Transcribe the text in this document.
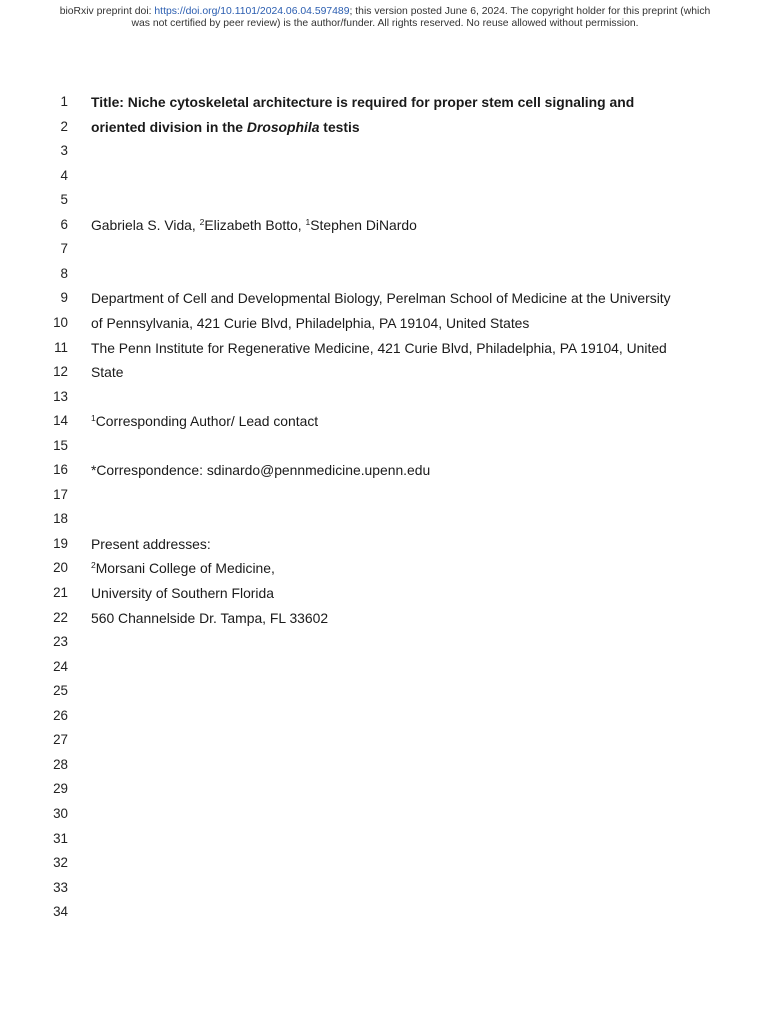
bioRxiv preprint doi: https://doi.org/10.1101/2024.06.04.597489; this version posted June 6, 2024. The copyright holder for this preprint (which
was not certified by peer review) is the author/funder. All rights reserved. No reuse allowed without permission.
1 Title: Niche cytoskeletal architecture is required for proper stem cell signaling and
2 oriented division in the Drosophila testis
3
4
5
6 Gabriela S. Vida, $^2$Elizabeth Botto, $^1$Stephen DiNardo
7
8
9 Department of Cell and Developmental Biology, Perelman School of Medicine at the University
10 of Pennsylvania, 421 Curie Blvd, Philadelphia, PA 19104, United States
11 The Penn Institute for Regenerative Medicine, 421 Curie Blvd, Philadelphia, PA 19104, United
12 State
13
14	$^1$Corresponding Author/ Lead contact
15
16 *Correspondence: sdinardo@pennmedicine.upenn.edu
17
18
19 Present addresses:
20	$^2$Morsani College of Medicine,
21 University of Southern Florida
22 560 Channelside Dr. Tampa, FL 33602
23
24
25
26
27
28
29
30
31
32
33
34
